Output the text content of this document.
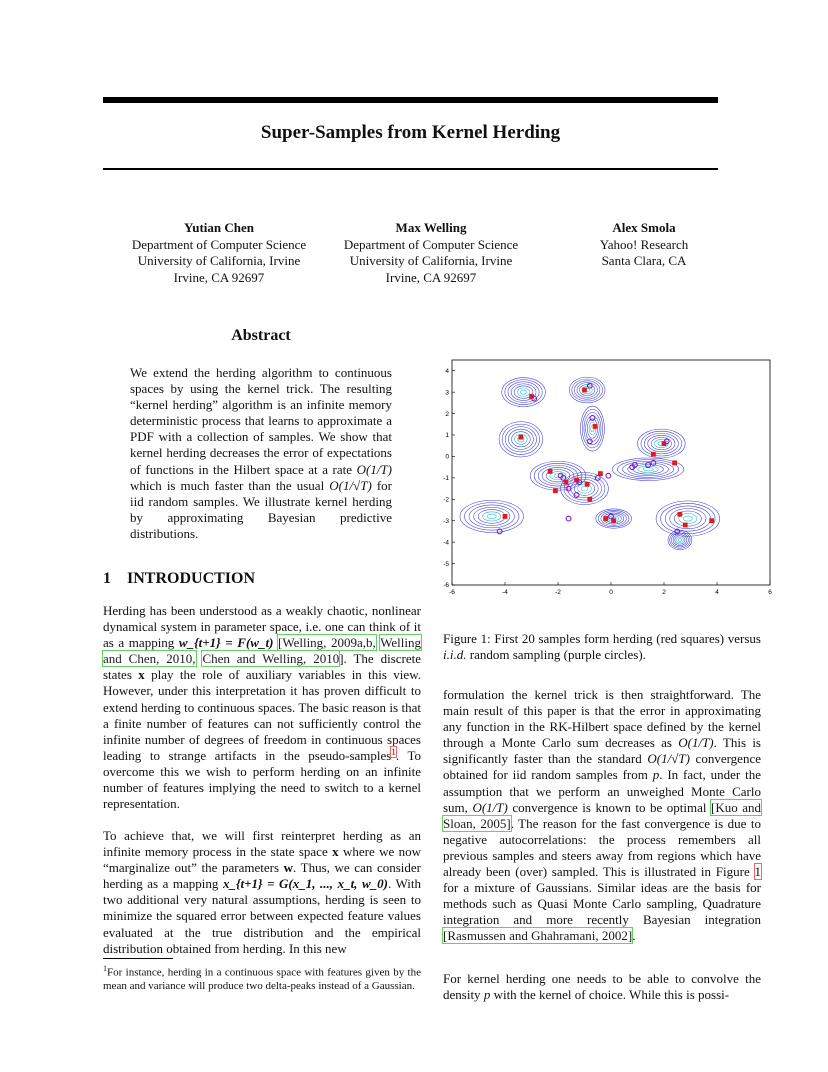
Super-Samples from Kernel Herding
Yutian Chen
Department of Computer Science
University of California, Irvine
Irvine, CA 92697
Max Welling
Department of Computer Science
University of California, Irvine
Irvine, CA 92697
Alex Smola
Yahoo! Research
Santa Clara, CA
Abstract

We extend the herding algorithm to continuous spaces by using the kernel trick. The resulting “kernel herding” algorithm is an infinite memory deterministic process that learns to approximate a PDF with a collection of samples. We show that kernel herding decreases the error of expectations of functions in the Hilbert space at a rate O(1/T) which is much faster than the usual O(1/√T) for iid random samples. We illustrate kernel herding by approximating Bayesian predictive distributions.

1 INTRODUCTION

Herding has been understood as a weakly chaotic, nonlinear dynamical system in parameter space, i.e. one can think of it as a mapping w_{t+1} = F(w_t) [Welling, 2009a,b, Welling and Chen, 2010, Chen and Welling, 2010]. The discrete states x play the role of auxiliary variables in this view. However, under this interpretation it has proven difficult to extend herding to continuous spaces. The basic reason is that a finite number of features can not sufficiently control the infinite number of degrees of freedom in continuous spaces leading to strange artifacts in the pseudo-samples$^1$. To overcome this we wish to perform herding on an infinite number of features implying the need to switch to a kernel representation.

To achieve that, we will first reinterpret herding as an infinite memory process in the state space x where we now “marginalize out” the parameters w. Thus, we can consider herding as a mapping x_{t+1} = G(x_1, ..., x_t, w_0). With two additional very natural assumptions, herding is seen to minimize the squared error between expected feature values evaluated at the true distribution and the empirical distribution obtained from herding. In this new

$^1$For instance, herding in a continuous space with features given by the mean and variance will produce two delta-peaks instead of a Gaussian.

-6	-4	-2	0	2	4	6
-6
-5
-4
-3
-2
-1
0
1
2
3
4

Figure 1: First 20 samples form herding (red squares) versus i.i.d. random sampling (purple circles).

formulation the kernel trick is then straightforward. The main result of this paper is that the error in approximating any function in the RK-Hilbert space defined by the kernel through a Monte Carlo sum decreases as O(1/T). This is significantly faster than the standard O(1/√T) convergence obtained for iid random samples from p. In fact, under the assumption that we perform an unweighed Monte Carlo sum, O(1/T) convergence is known to be optimal [Kuo and Sloan, 2005]. The reason for the fast convergence is due to negative autocorrelations: the process remembers all previous samples and steers away from regions which have already been (over) sampled. This is illustrated in Figure 1 for a mixture of Gaussians. Similar ideas are the basis for methods such as Quasi Monte Carlo sampling, Quadrature integration and more recently Bayesian integration [Rasmussen and Ghahramani, 2002].

For kernel herding one needs to be able to convolve the density p with the kernel of choice. While this is possi-
